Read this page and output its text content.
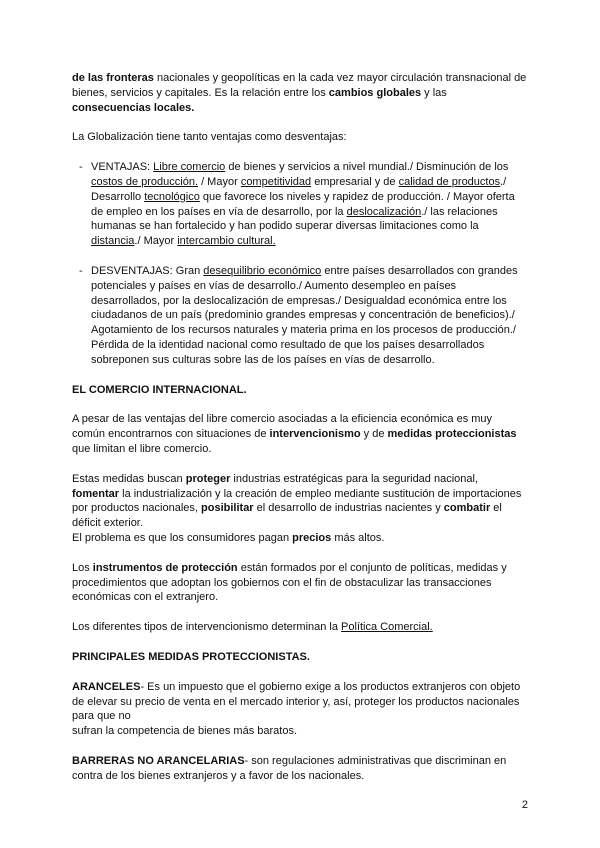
de las fronteras nacionales y geopolíticas en la cada vez mayor circulación transnacional de bienes, servicios y capitales. Es la relación entre los cambios globales y las consecuencias locales.

La Globalización tiene tanto ventajas como desventajas:

- VENTAJAS: Libre comercio de bienes y servicios a nivel mundial./ Disminución de los costos de producción. / Mayor competitividad empresarial y de calidad de productos./ Desarrollo tecnológico que favorece los niveles y rapidez de producción. / Mayor oferta de empleo en los países en vía de desarrollo, por la deslocalización./ las relaciones humanas se han fortalecido y han podido superar diversas limitaciones como la distancia./ Mayor intercambio cultural.
- DESVENTAJAS: Gran desequilibrio económico entre países desarrollados con grandes potenciales y países en vías de desarrollo./ Aumento desempleo en países desarrollados, por la deslocalización de empresas./ Desigualdad económica entre los ciudadanos de un país (predominio grandes empresas y concentración de beneficios)./ Agotamiento de los recursos naturales y materia prima en los procesos de producción./ Pérdida de la identidad nacional como resultado de que los países desarrollados sobreponen sus culturas sobre las de los países en vías de desarrollo.

EL COMERCIO INTERNACIONAL.

A pesar de las ventajas del libre comercio asociadas a la eficiencia económica es muy común encontrarnos con situaciones de intervencionismo y de medidas proteccionistas que limitan el libre comercio.

Estas medidas buscan proteger industrias estratégicas para la seguridad nacional, fomentar la industrialización y la creación de empleo mediante sustitución de importaciones por productos nacionales, posibilitar el desarrollo de industrias nacientes y combatir el déficit exterior.

El problema es que los consumidores pagan precios más altos.

Los instrumentos de protección están formados por el conjunto de políticas, medidas y procedimientos que adoptan los gobiernos con el fin de obstaculizar las transacciones económicas con el extranjero.

Los diferentes tipos de intervencionismo determinan la Política Comercial.

PRINCIPALES MEDIDAS PROTECCIONISTAS.

ARANCELES- Es un impuesto que el gobierno exige a los productos extranjeros con objeto de elevar su precio de venta en el mercado interior y, así, proteger los productos nacionales para que no

sufran la competencia de bienes más baratos.

BARRERAS NO ARANCELARIAS- son regulaciones administrativas que discriminan en contra de los bienes extranjeros y a favor de los nacionales.

2
